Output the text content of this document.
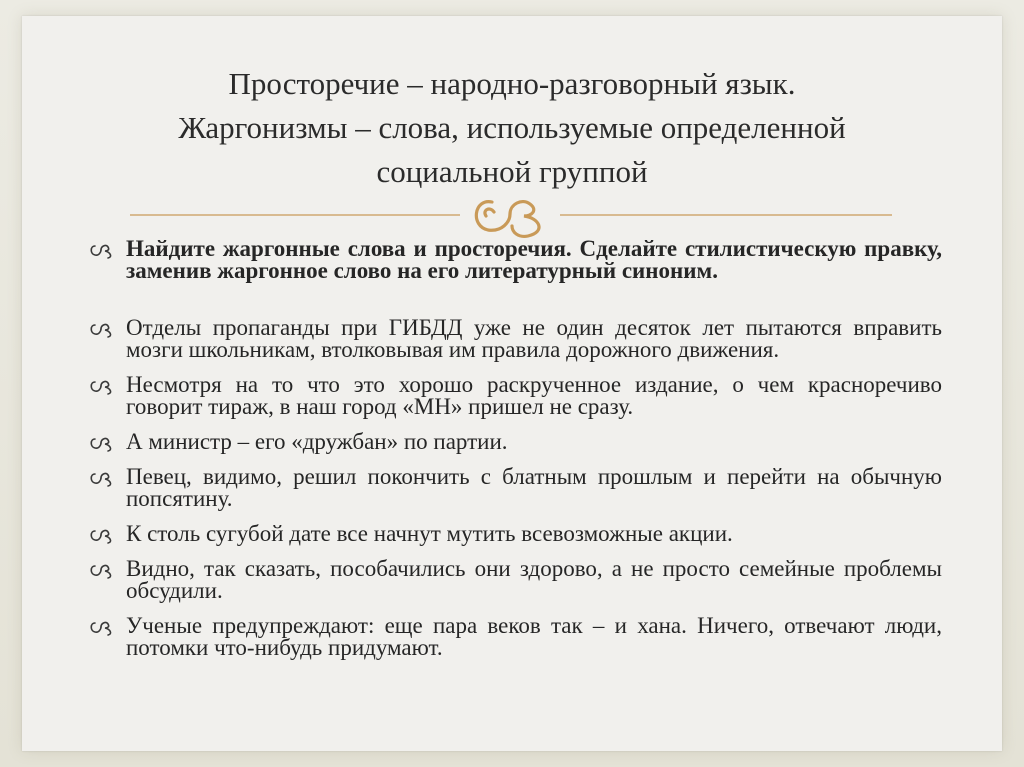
Просторечие – народно-разговорный язык.
Жаргонизмы – слова, используемые определенной
социальной группой
Найдите жаргонные слова и просторечия. Сделайте стилистическую правку, заменив жаргонное слово на его литературный синоним.
Отделы пропаганды при ГИБДД уже не один десяток лет пытаются вправить мозги школьникам, втолковывая им правила дорожного движения.
Несмотря на то что это хорошо раскрученное издание, о чем красноречиво говорит тираж, в наш город «МН» пришел не сразу.
А министр – его «дружбан» по партии.
Певец, видимо, решил покончить с блатным прошлым и перейти на обычную попсятину.
К столь сугубой дате все начнут мутить всевозможные акции.
Видно, так сказать, пособачились они здорово, а не просто семейные проблемы обсудили.
Ученые предупреждают: еще пара веков так – и хана. Ничего, отвечают люди, потомки что-нибудь придумают.
